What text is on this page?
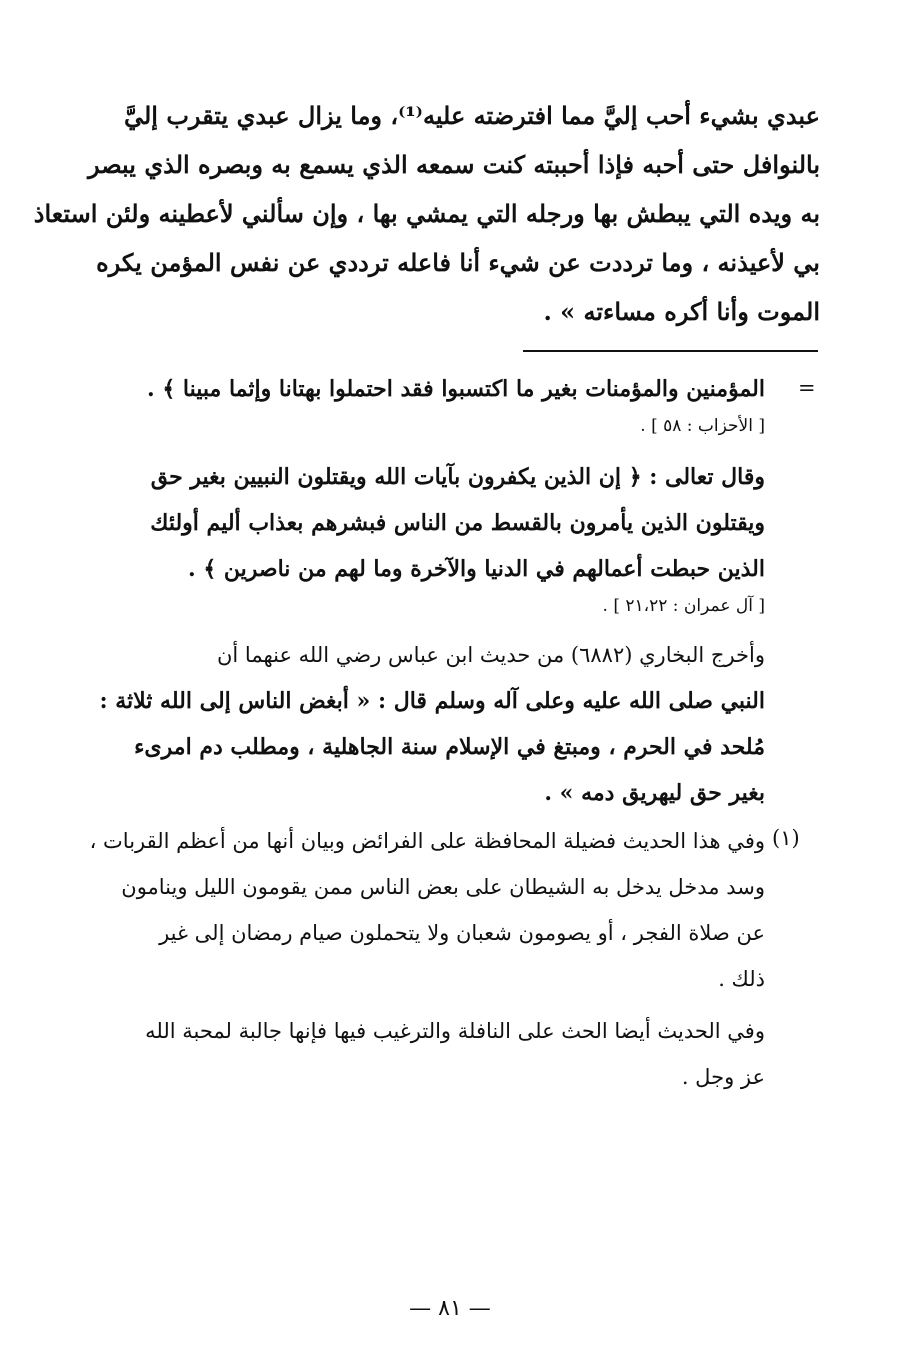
عبدي بشيء أحب إليَّ مما افترضته عليه⁽¹⁾، وما يزال عبدي يتقرب إليَّ
بالنوافل حتى أحبه فإذا أحببته كنت سمعه الذي يسمع به وبصره الذي يبصر
به ويده التي يبطش بها ورجله التي يمشي بها ، وإن سألني لأعطينه ولئن استعاذ
بي لأعيذنه ، وما ترددت عن شيء أنا فاعله ترددي عن نفس المؤمن يكره
الموت وأنا أكره مساءته » .
=
المؤمنين والمؤمنات بغير ما اكتسبوا فقد احتملوا بهتانا وإثما مبينا ﴾ .
[ الأحزاب : ٥٨ ] .
وقال تعالى : ﴿ إن الذين يكفرون بآيات الله ويقتلون النبيين بغير حق
ويقتلون الذين يأمرون بالقسط من الناس فبشرهم بعذاب أليم أولئك
الذين حبطت أعمالهم في الدنيا والآخرة وما لهم من ناصرين ﴾ .
[ آل عمران : ٢١،٢٢ ] .
وأخرج البخاري (٦٨٨٢) من حديث ابن عباس رضي الله عنهما أن
النبي صلى الله عليه وعلى آله وسلم قال : « أبغض الناس إلى الله ثلاثة :
مُلحد في الحرم ، ومبتغ في الإسلام سنة الجاهلية ، ومطلب دم امرىء
بغير حق ليهريق دمه » .
(١)
وفي هذا الحديث فضيلة المحافظة على الفرائض وبيان أنها من أعظم القربات ،
وسد مدخل يدخل به الشيطان على بعض الناس ممن يقومون الليل وينامون
عن صلاة الفجر ، أو يصومون شعبان ولا يتحملون صيام رمضان إلى غير
ذلك .
وفي الحديث أيضا الحث على النافلة والترغيب فيها فإنها جالبة لمحبة الله
عز وجل .
— ٨١ —
